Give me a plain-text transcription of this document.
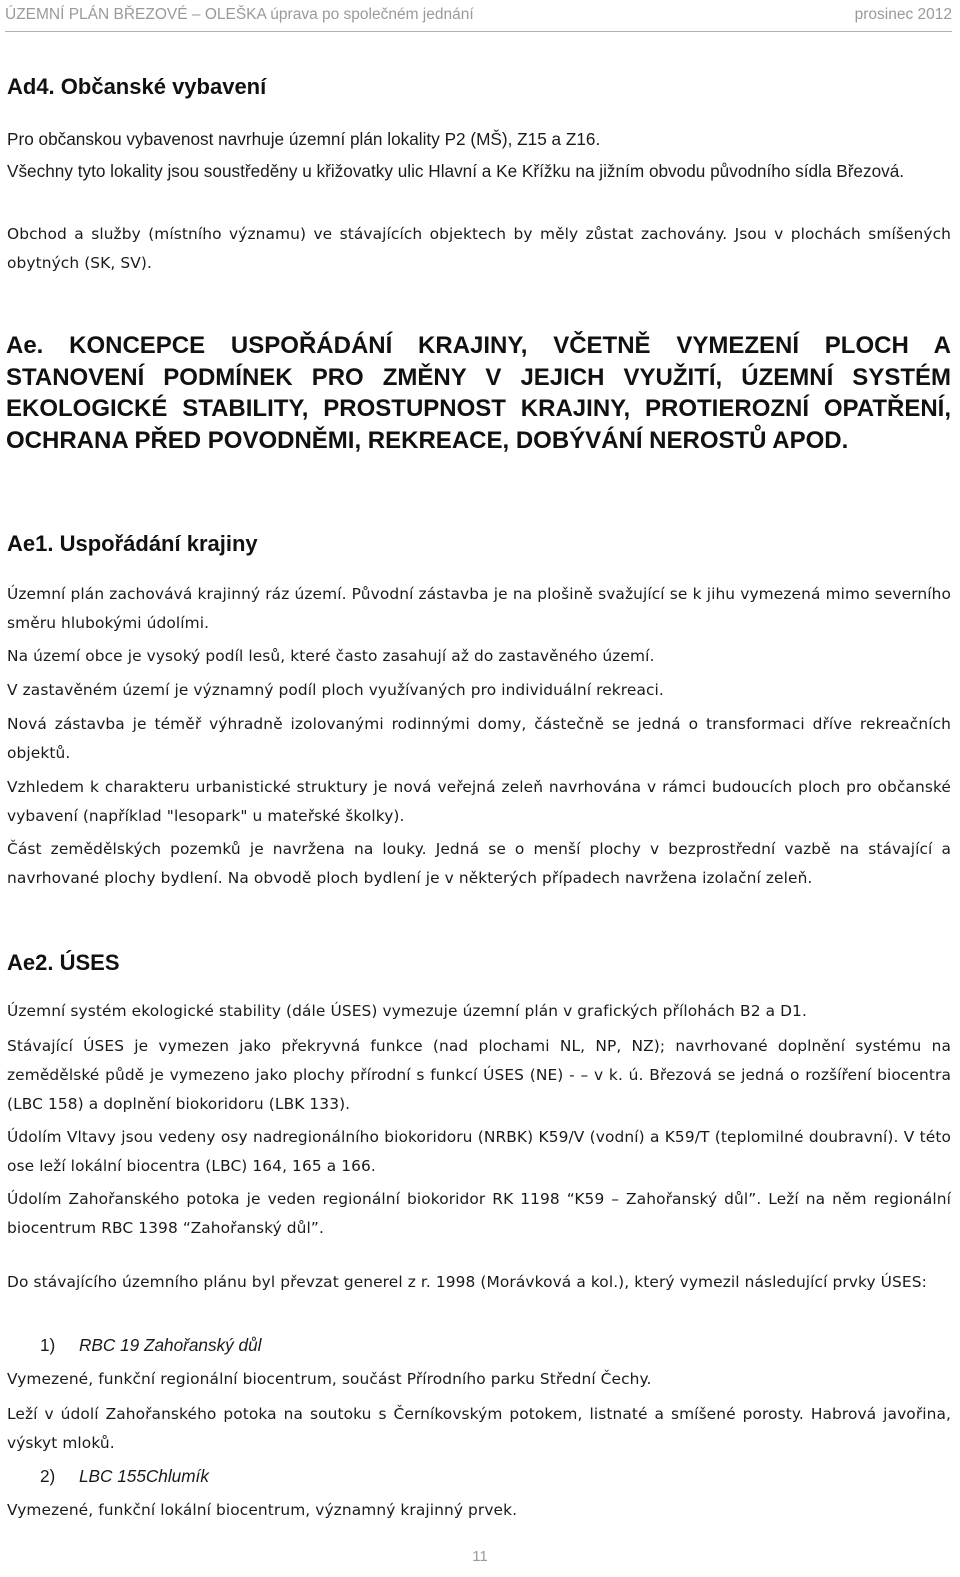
ÚZEMNÍ PLÁN BŘEZOVÉ – OLEŠKA úprava po společném jednání	prosinec 2012
Ad4. Občanské vybavení
Pro občanskou vybavenost navrhuje územní plán lokality P2 (MŠ), Z15 a Z16.
Všechny tyto lokality jsou soustředěny u křižovatky ulic Hlavní a Ke Křížku na jižním obvodu původního sídla Březová.
Obchod a služby (místního významu) ve stávajících objektech by měly zůstat zachovány. Jsou v plochách smíšených obytných (SK, SV).
Ae. KONCEPCE USPOŘÁDÁNÍ KRAJINY, VČETNĚ VYMEZENÍ PLOCH A STANOVENÍ PODMÍNEK PRO ZMĚNY V JEJICH VYUŽITÍ, ÚZEMNÍ SYSTÉM EKOLOGICKÉ STABILITY, PROSTUPNOST KRAJINY, PROTIEROZNÍ OPATŘENÍ, OCHRANA PŘED POVODNĚMI, REKREACE, DOBÝVÁNÍ NEROSTŮ APOD.
Ae1. Uspořádání krajiny
Územní plán zachovává krajinný ráz území. Původní zástavba je na plošině svažující se k jihu vymezená mimo severního směru hlubokými údolími.
Na území obce je vysoký podíl lesů, které často zasahují až do zastavěného území.
V zastavěném území je významný podíl ploch využívaných pro individuální rekreaci.
Nová zástavba je téměř výhradně izolovanými rodinnými domy, částečně se jedná o transformaci dříve rekreačních objektů.
Vzhledem k charakteru urbanistické struktury je nová veřejná zeleň navrhována v rámci budoucích ploch pro občanské vybavení (například "lesopark" u mateřské školky).
Část zemědělských pozemků je navržena na louky. Jedná se o menší plochy v bezprostřední vazbě na stávající a navrhované plochy bydlení. Na obvodě ploch bydlení je v některých případech navržena izolační zeleň.
Ae2. ÚSES
Územní systém ekologické stability (dále ÚSES) vymezuje územní plán v grafických přílohách B2 a D1.
Stávající ÚSES je vymezen jako překryvná funkce (nad plochami NL, NP, NZ); navrhované doplnění systému na zemědělské půdě je vymezeno jako plochy přírodní s funkcí ÚSES (NE) - – v k. ú. Březová se jedná o rozšíření biocentra (LBC 158) a doplnění biokoridoru (LBK 133).
Údolím Vltavy jsou vedeny osy nadregionálního biokoridoru (NRBK) K59/V (vodní) a K59/T (teplomilné doubravní). V této ose leží lokální biocentra (LBC) 164, 165 a 166.
Údolím Zahořanského potoka je veden regionální biokoridor RK 1198 “K59 – Zahořanský důl”. Leží na něm regionální biocentrum RBC 1398 “Zahořanský důl”.
Do stávajícího územního plánu byl převzat generel z r. 1998 (Morávková a kol.), který vymezil následující prvky ÚSES:
1) RBC 19 Zahořanský důl
Vymezené, funkční regionální biocentrum, součást Přírodního parku Střední Čechy.
Leží v údolí Zahořanského potoka na soutoku s Černíkovským potokem, listnaté a smíšené porosty. Habrová javořina, výskyt mloků.
2) LBC 155Chlumík
Vymezené, funkční lokální biocentrum, významný krajinný prvek.
11
